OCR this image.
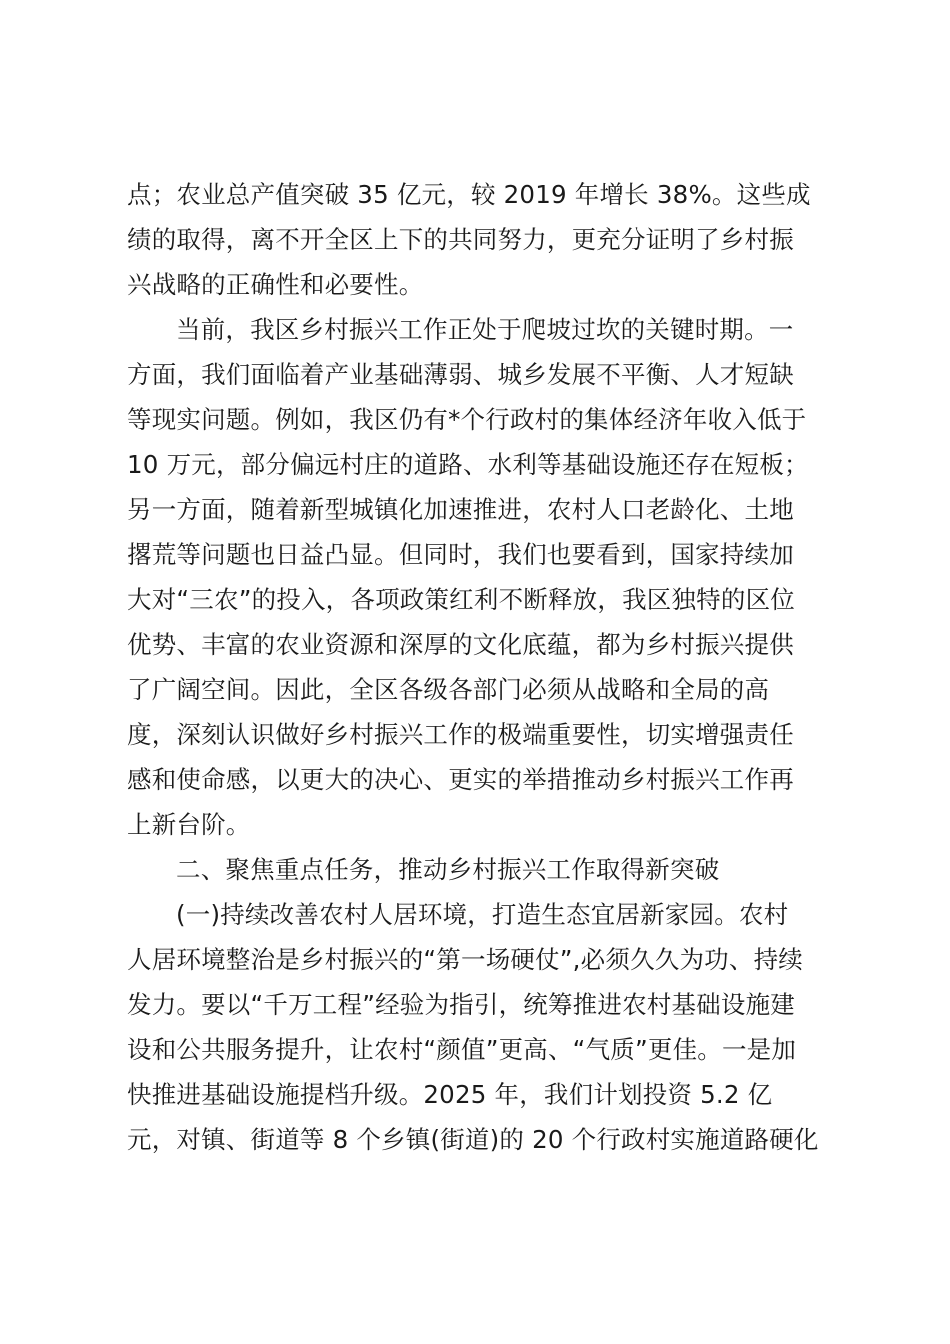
点；农业总产值突破 35 亿元，较 2019 年增长 38%。这些成
绩的取得，离不开全区上下的共同努力，更充分证明了乡村振
兴战略的正确性和必要性。
当前，我区乡村振兴工作正处于爬坡过坎的关键时期。一
方面，我们面临着产业基础薄弱、城乡发展不平衡、人才短缺
等现实问题。例如，我区仍有*个行政村的集体经济年收入低于
10 万元，部分偏远村庄的道路、水利等基础设施还存在短板；
另一方面，随着新型城镇化加速推进，农村人口老龄化、土地
撂荒等问题也日益凸显。但同时，我们也要看到，国家持续加
大对“三农”的投入，各项政策红利不断释放，我区独特的区位
优势、丰富的农业资源和深厚的文化底蕴，都为乡村振兴提供
了广阔空间。因此，全区各级各部门必须从战略和全局的高
度，深刻认识做好乡村振兴工作的极端重要性，切实增强责任
感和使命感，以更大的决心、更实的举措推动乡村振兴工作再
上新台阶。
二、聚焦重点任务，推动乡村振兴工作取得新突破
(一)持续改善农村人居环境，打造生态宜居新家园。农村
人居环境整治是乡村振兴的“第一场硬仗”,必须久久为功、持续
发力。要以“千万工程”经验为指引，统筹推进农村基础设施建
设和公共服务提升，让农村“颜值”更高、“气质”更佳。一是加
快推进基础设施提档升级。2025 年，我们计划投资 5.2 亿
元，对镇、街道等 8 个乡镇(街道)的 20 个行政村实施道路硬化
